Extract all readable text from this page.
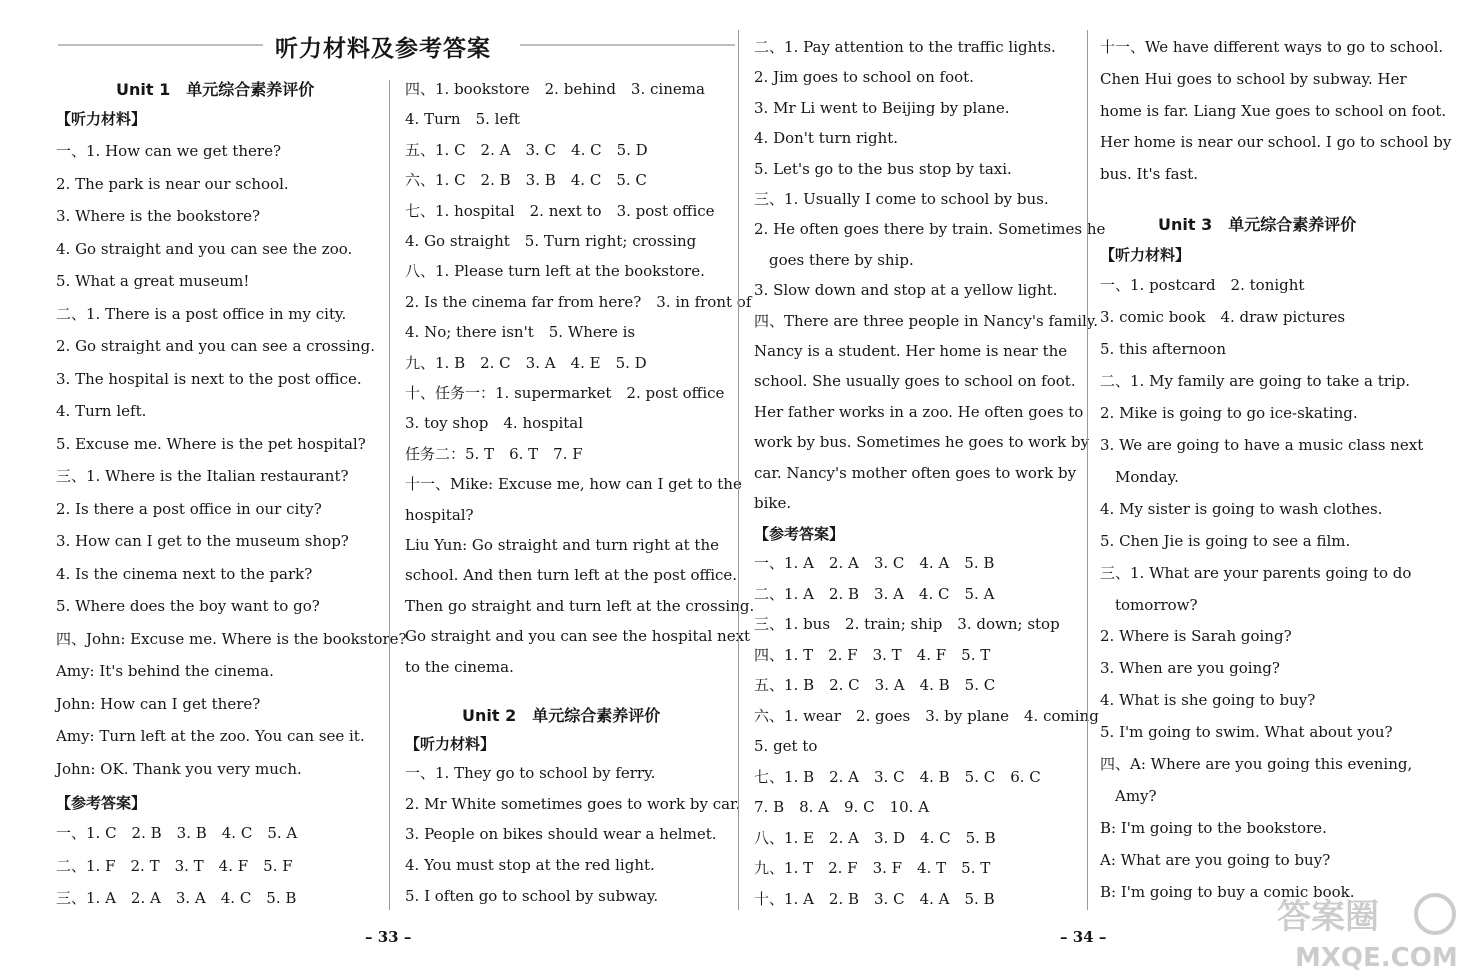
听力材料及参考答案
Unit 1　单元综合素养评价
【听力材料】
一、1. How can we get there?
2. The park is near our school.
3. Where is the bookstore?
4. Go straight and you can see the zoo.
5. What a great museum!
二、1. There is a post office in my city.
2. Go straight and you can see a crossing.
3. The hospital is next to the post office.
4. Turn left.
5. Excuse me. Where is the pet hospital?
三、1. Where is the Italian restaurant?
2. Is there a post office in our city?
3. How can I get to the museum shop?
4. Is the cinema next to the park?
5. Where does the boy want to go?
四、John: Excuse me. Where is the bookstore?
Amy: It's behind the cinema.
John: How can I get there?
Amy: Turn left at the zoo. You can see it.
John: OK. Thank you very much.
【参考答案】
一、1. C　2. B　3. B　4. C　5. A
二、1. F　2. T　3. T　4. F　5. F
三、1. A　2. A　3. A　4. C　5. B
四、1. bookstore　2. behind　3. cinema
4. Turn　5. left
五、1. C　2. A　3. C　4. C　5. D
六、1. C　2. B　3. B　4. C　5. C
七、1. hospital　2. next to　3. post office
4. Go straight　5. Turn right; crossing
八、1. Please turn left at the bookstore.
2. Is the cinema far from here?　3. in front of
4. No; there isn't　5. Where is
九、1. B　2. C　3. A　4. E　5. D
十、任务一：1. supermarket　2. post office
3. toy shop　4. hospital
任务二：5. T　6. T　7. F
十一、Mike: Excuse me, how can I get to the
hospital?
Liu Yun: Go straight and turn right at the
school. And then turn left at the post office.
Then go straight and turn left at the crossing.
Go straight and you can see the hospital next
to the cinema.
Unit 2　单元综合素养评价
【听力材料】
一、1. They go to school by ferry.
2. Mr White sometimes goes to work by car.
3. People on bikes should wear a helmet.
4. You must stop at the red light.
5. I often go to school by subway.
二、1. Pay attention to the traffic lights.
2. Jim goes to school on foot.
3. Mr Li went to Beijing by plane.
4. Don't turn right.
5. Let's go to the bus stop by taxi.
三、1. Usually I come to school by bus.
2. He often goes there by train. Sometimes he
　goes there by ship.
3. Slow down and stop at a yellow light.
四、There are three people in Nancy's family.
Nancy is a student. Her home is near the
school. She usually goes to school on foot.
Her father works in a zoo. He often goes to
work by bus. Sometimes he goes to work by
car. Nancy's mother often goes to work by
bike.
【参考答案】
一、1. A　2. A　3. C　4. A　5. B
二、1. A　2. B　3. A　4. C　5. A
三、1. bus　2. train; ship　3. down; stop
四、1. T　2. F　3. T　4. F　5. T
五、1. B　2. C　3. A　4. B　5. C
六、1. wear　2. goes　3. by plane　4. coming
5. get to
七、1. B　2. A　3. C　4. B　5. C　6. C
7. B　8. A　9. C　10. A
八、1. E　2. A　3. D　4. C　5. B
九、1. T　2. F　3. F　4. T　5. T
十、1. A　2. B　3. C　4. A　5. B
十一、We have different ways to go to school.
Chen Hui goes to school by subway. Her
home is far. Liang Xue goes to school on foot.
Her home is near our school. I go to school by
bus. It's fast.
Unit 3　单元综合素养评价
【听力材料】
一、1. postcard　2. tonight
3. comic book　4. draw pictures
5. this afternoon
二、1. My family are going to take a trip.
2. Mike is going to go ice-skating.
3. We are going to have a music class next
　Monday.
4. My sister is going to wash clothes.
5. Chen Jie is going to see a film.
三、1. What are your parents going to do
　tomorrow?
2. Where is Sarah going?
3. When are you going?
4. What is she going to buy?
5. I'm going to swim. What about you?
四、A: Where are you going this evening,
　Amy?
B: I'm going to the bookstore.
A: What are you going to buy?
B: I'm going to buy a comic book.
– 33 –	– 34 –	答案圈
MXQE.COM
